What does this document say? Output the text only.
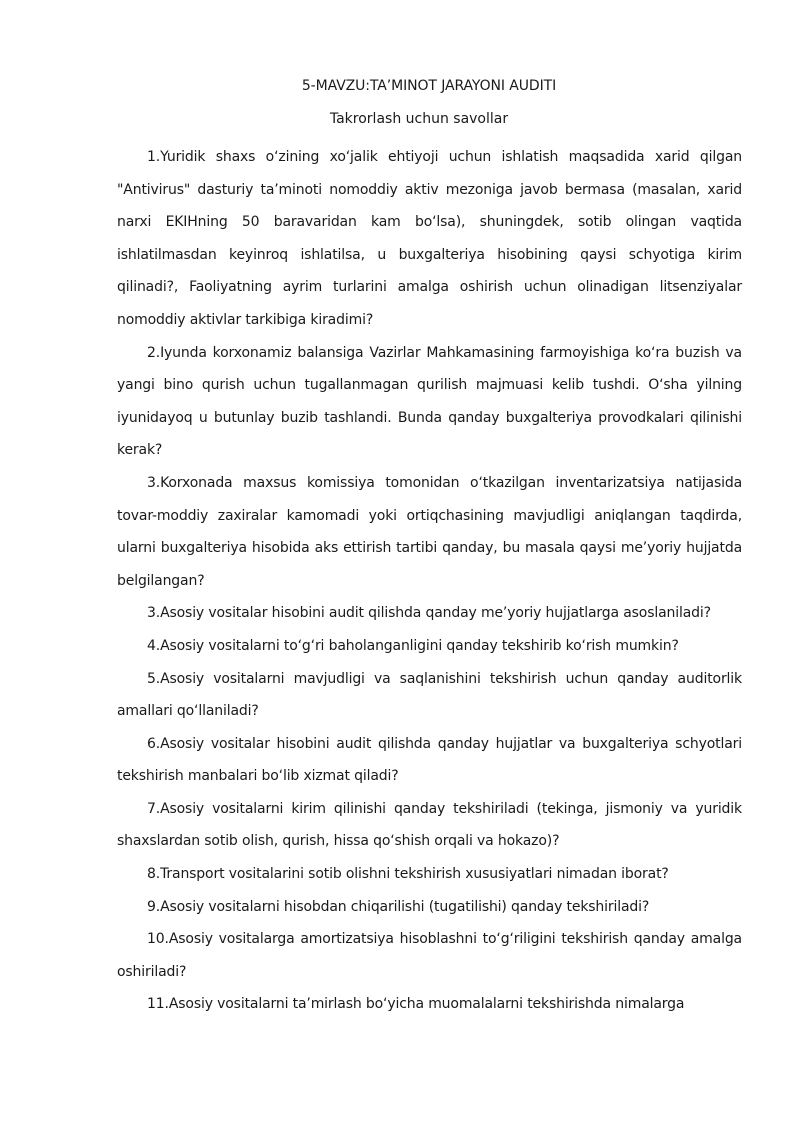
5-MAVZU:TA’MINOT JARAYONI AUDITI
Takrorlash uchun savollar

1.Yuridik shaxs o‘zining xo‘jalik ehtiyoji uchun ishlatish maqsadida xarid qilgan "Antivirus" dasturiy ta’minoti nomoddiy aktiv mezoniga javob bermasa (masalan, xarid narxi EKIHning 50 baravaridan kam bo‘lsa), shuningdek, sotib olingan vaqtida ishlatilmasdan keyinroq ishlatilsa, u buxgalteriya hisobining qaysi schyotiga kirim qilinadi?, Faoliyatning ayrim turlarini amalga oshirish uchun olinadigan litsenziyalar nomoddiy aktivlar tarkibiga kiradimi?

2.Iyunda korxonamiz balansiga Vazirlar Mahkamasining farmoyishiga ko‘ra buzish va yangi bino qurish uchun tugallanmagan qurilish majmuasi kelib tushdi. O‘sha yilning iyunidayoq u butunlay buzib tashlandi. Bunda qanday buxgalteriya provodkalari qilinishi kerak?

3.Korxonada maxsus komissiya tomonidan o‘tkazilgan inventarizatsiya natijasida tovar-moddiy zaxiralar kamomadi yoki ortiqchasining mavjudligi aniqlangan taqdirda, ularni buxgalteriya hisobida aks ettirish tartibi qanday, bu masala qaysi me’yoriy hujjatda belgilangan?

3.Asosiy vositalar hisobini audit qilishda qanday me’yoriy hujjatlarga asoslaniladi?

4.Asosiy vositalarni to‘g‘ri baholanganligini qanday tekshirib ko‘rish mumkin?

5.Asosiy vositalarni mavjudligi va saqlanishini tekshirish uchun qanday auditorlik amallari qo‘llaniladi?

6.Asosiy vositalar hisobini audit qilishda qanday hujjatlar va buxgalteriya schyotlari tekshirish manbalari bo‘lib xizmat qiladi?

7.Asosiy vositalarni kirim qilinishi qanday tekshiriladi (tekinga, jismoniy va yuridik shaxslardan sotib olish, qurish, hissa qo‘shish orqali va hokazo)?

8.Transport vositalarini sotib olishni tekshirish xususiyatlari nimadan iborat?

9.Asosiy vositalarni hisobdan chiqarilishi (tugatilishi) qanday tekshiriladi?

10.Asosiy vositalarga amortizatsiya hisoblashni to‘g‘riligini tekshirish qanday amalga oshiriladi?

11.Asosiy vositalarni ta’mirlash bo‘yicha muomalalarni tekshirishda nimalarga
